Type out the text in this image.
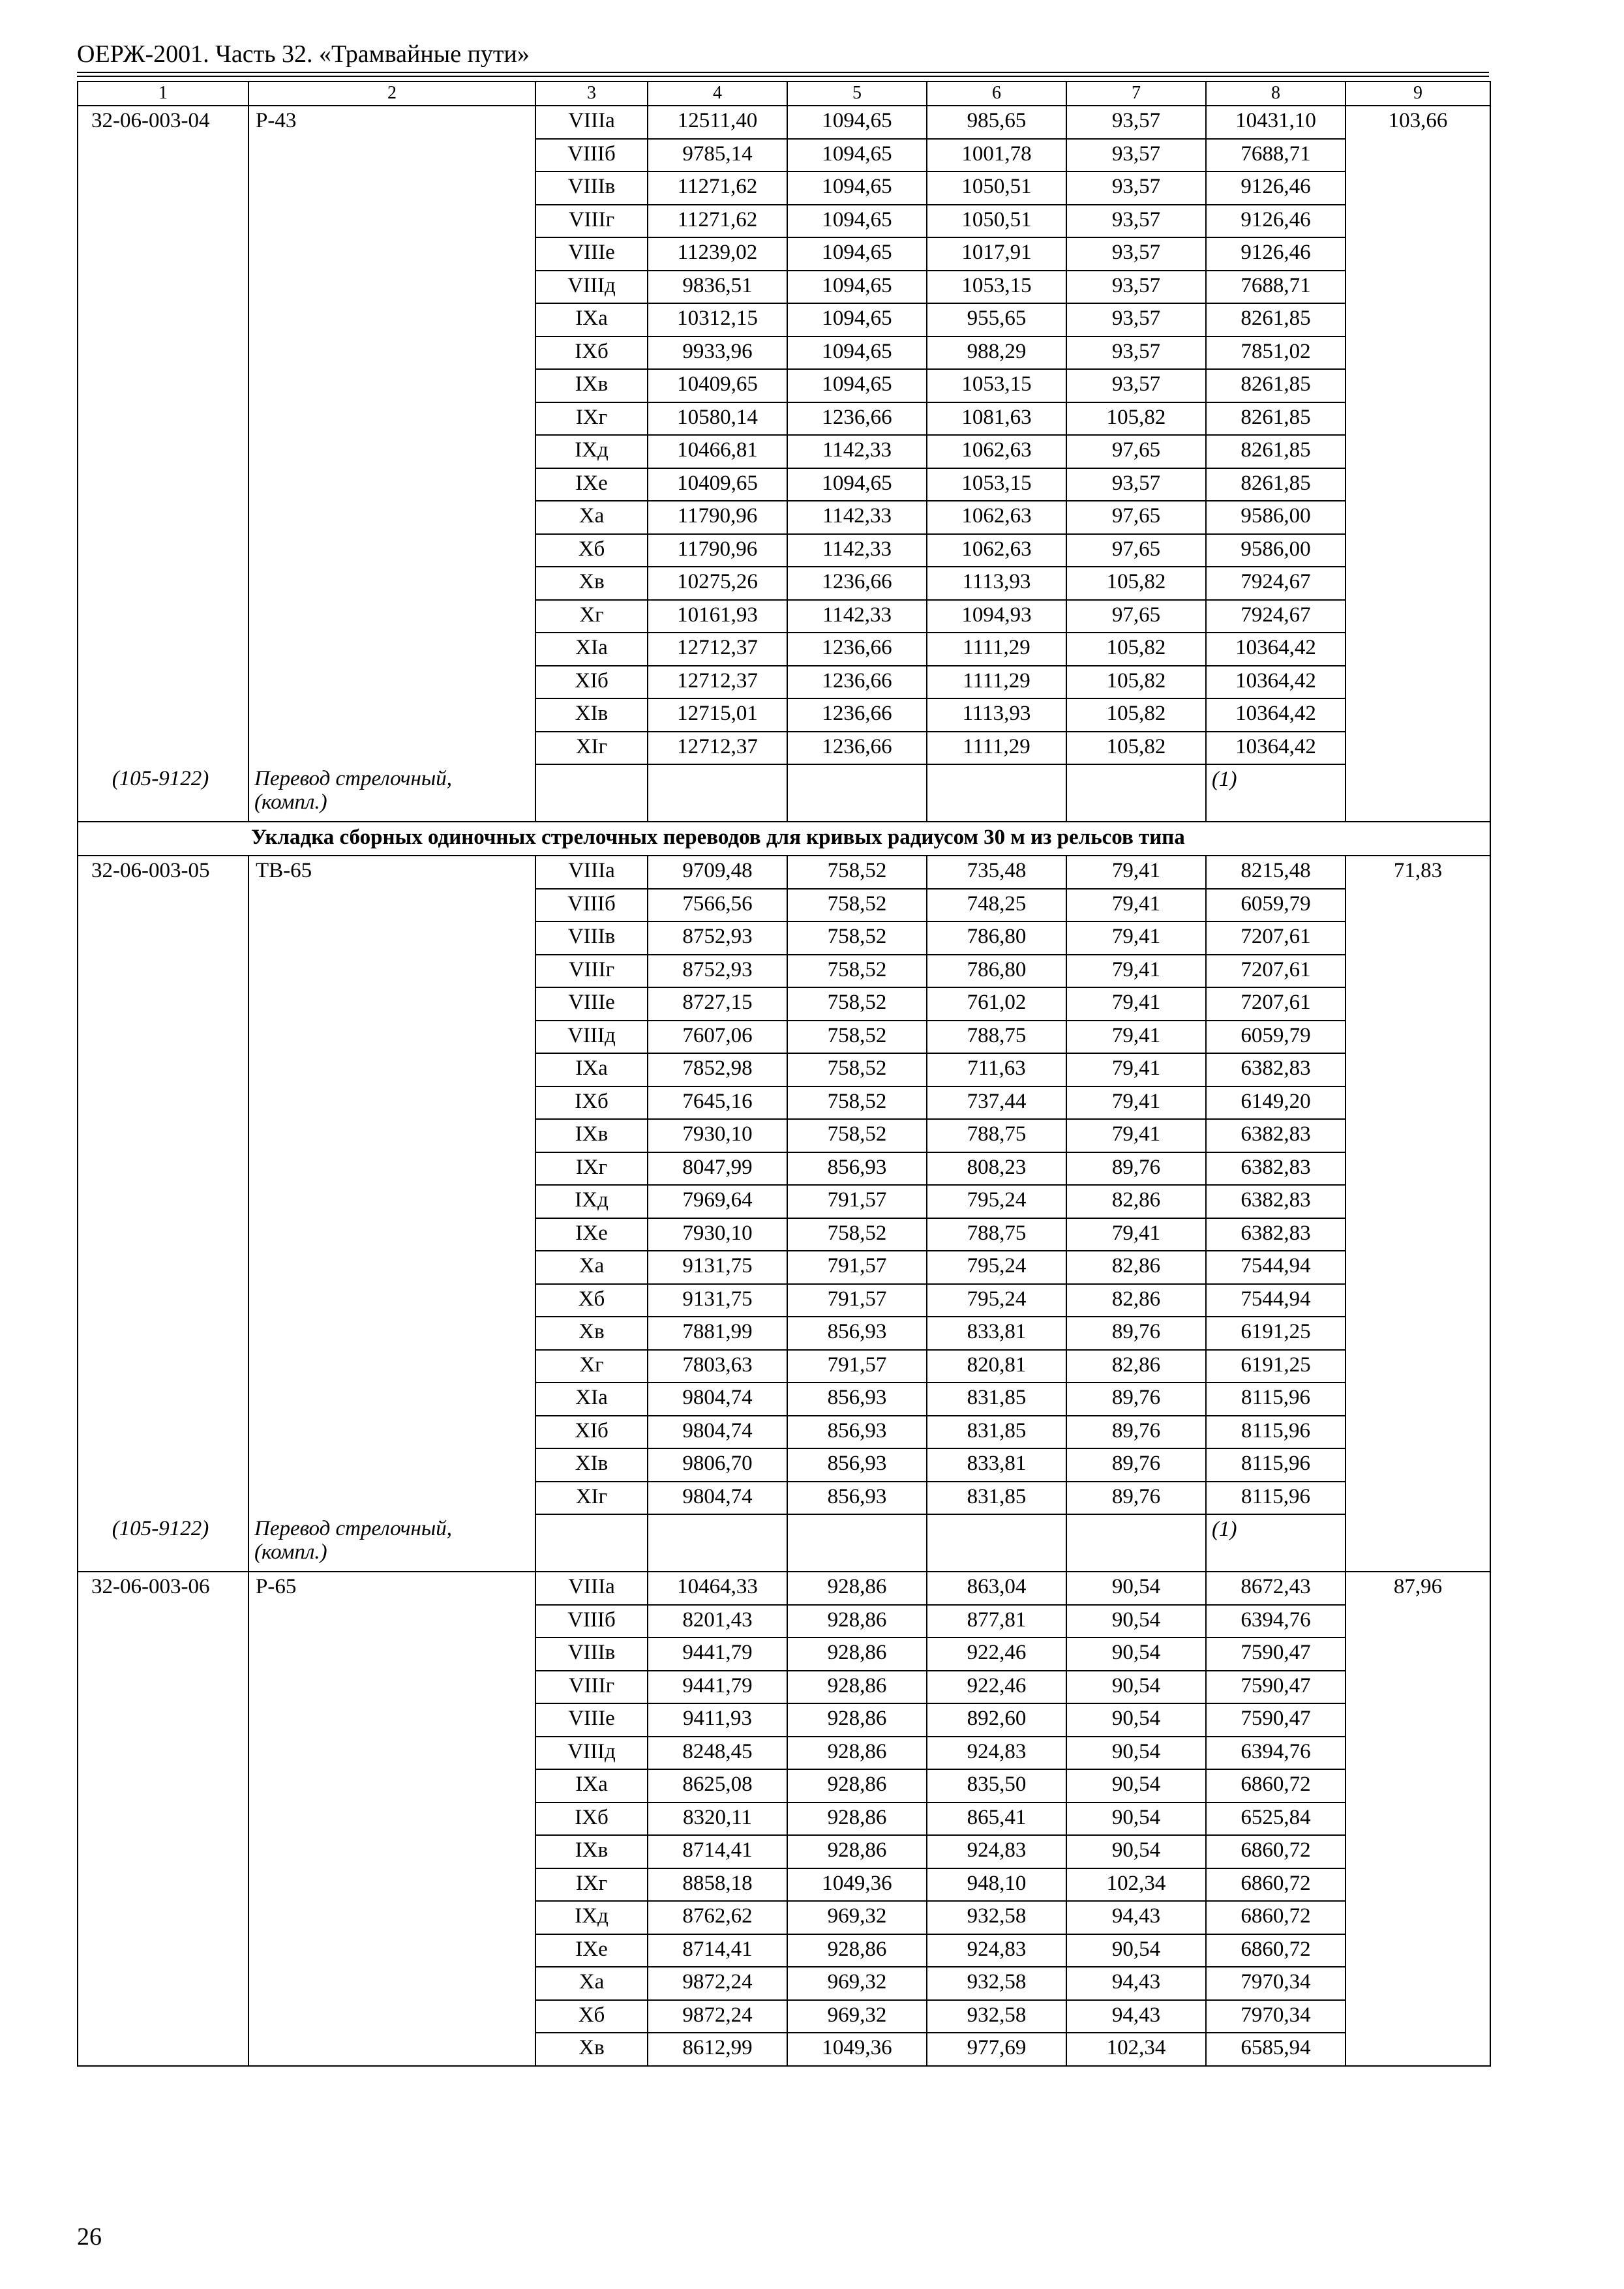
ОЕРЖ-2001. Часть 32. «Трамвайные пути»
1	2	3	4	5	6	7	8	9
32-06-003-04	Р-43	VIIIа	12511,40	1094,65	985,65	93,57	10431,10	103,66
		VIIIб	9785,14	1094,65	1001,78	93,57	7688,71	
		VIIIв	11271,62	1094,65	1050,51	93,57	9126,46	
		VIIIг	11271,62	1094,65	1050,51	93,57	9126,46	
		VIIIе	11239,02	1094,65	1017,91	93,57	9126,46	
		VIIIд	9836,51	1094,65	1053,15	93,57	7688,71	
		IXа	10312,15	1094,65	955,65	93,57	8261,85	
		IXб	9933,96	1094,65	988,29	93,57	7851,02	
		IXв	10409,65	1094,65	1053,15	93,57	8261,85	
		IXг	10580,14	1236,66	1081,63	105,82	8261,85	
		IXд	10466,81	1142,33	1062,63	97,65	8261,85	
		IXе	10409,65	1094,65	1053,15	93,57	8261,85	
		Xа	11790,96	1142,33	1062,63	97,65	9586,00	
		Xб	11790,96	1142,33	1062,63	97,65	9586,00	
		Xв	10275,26	1236,66	1113,93	105,82	7924,67	
		Xг	10161,93	1142,33	1094,93	97,65	7924,67	
		XIа	12712,37	1236,66	1111,29	105,82	10364,42	
		XIб	12712,37	1236,66	1111,29	105,82	10364,42	
		XIв	12715,01	1236,66	1113,93	105,82	10364,42	
		XIг	12712,37	1236,66	1111,29	105,82	10364,42	
(105-9122)	Перевод стрелочный, (компл.)						(1)	
Укладка сборных одиночных стрелочных переводов для кривых радиусом 30 м из рельсов типа								
32-06-003-05	ТВ-65	VIIIа	9709,48	758,52	735,48	79,41	8215,48	71,83
		VIIIб	7566,56	758,52	748,25	79,41	6059,79	
		VIIIв	8752,93	758,52	786,80	79,41	7207,61	
		VIIIг	8752,93	758,52	786,80	79,41	7207,61	
		VIIIе	8727,15	758,52	761,02	79,41	7207,61	
		VIIIд	7607,06	758,52	788,75	79,41	6059,79	
		IXа	7852,98	758,52	711,63	79,41	6382,83	
		IXб	7645,16	758,52	737,44	79,41	6149,20	
		IXв	7930,10	758,52	788,75	79,41	6382,83	
		IXг	8047,99	856,93	808,23	89,76	6382,83	
		IXд	7969,64	791,57	795,24	82,86	6382,83	
		IXе	7930,10	758,52	788,75	79,41	6382,83	
		Xа	9131,75	791,57	795,24	82,86	7544,94	
		Xб	9131,75	791,57	795,24	82,86	7544,94	
		Xв	7881,99	856,93	833,81	89,76	6191,25	
		Xг	7803,63	791,57	820,81	82,86	6191,25	
		XIа	9804,74	856,93	831,85	89,76	8115,96	
		XIб	9804,74	856,93	831,85	89,76	8115,96	
		XIв	9806,70	856,93	833,81	89,76	8115,96	
		XIг	9804,74	856,93	831,85	89,76	8115,96	
(105-9122)	Перевод стрелочный, (компл.)						(1)	
32-06-003-06	Р-65	VIIIа	10464,33	928,86	863,04	90,54	8672,43	87,96
		VIIIб	8201,43	928,86	877,81	90,54	6394,76	
		VIIIв	9441,79	928,86	922,46	90,54	7590,47	
		VIIIг	9441,79	928,86	922,46	90,54	7590,47	
		VIIIе	9411,93	928,86	892,60	90,54	7590,47	
		VIIIд	8248,45	928,86	924,83	90,54	6394,76	
		IXа	8625,08	928,86	835,50	90,54	6860,72	
		IXб	8320,11	928,86	865,41	90,54	6525,84	
		IXв	8714,41	928,86	924,83	90,54	6860,72	
		IXг	8858,18	1049,36	948,10	102,34	6860,72	
		IXд	8762,62	969,32	932,58	94,43	6860,72	
		IXе	8714,41	928,86	924,83	90,54	6860,72	
		Xа	9872,24	969,32	932,58	94,43	7970,34	
		Xб	9872,24	969,32	932,58	94,43	7970,34	
		Xв	8612,99	1049,36	977,69	102,34	6585,94	
26
